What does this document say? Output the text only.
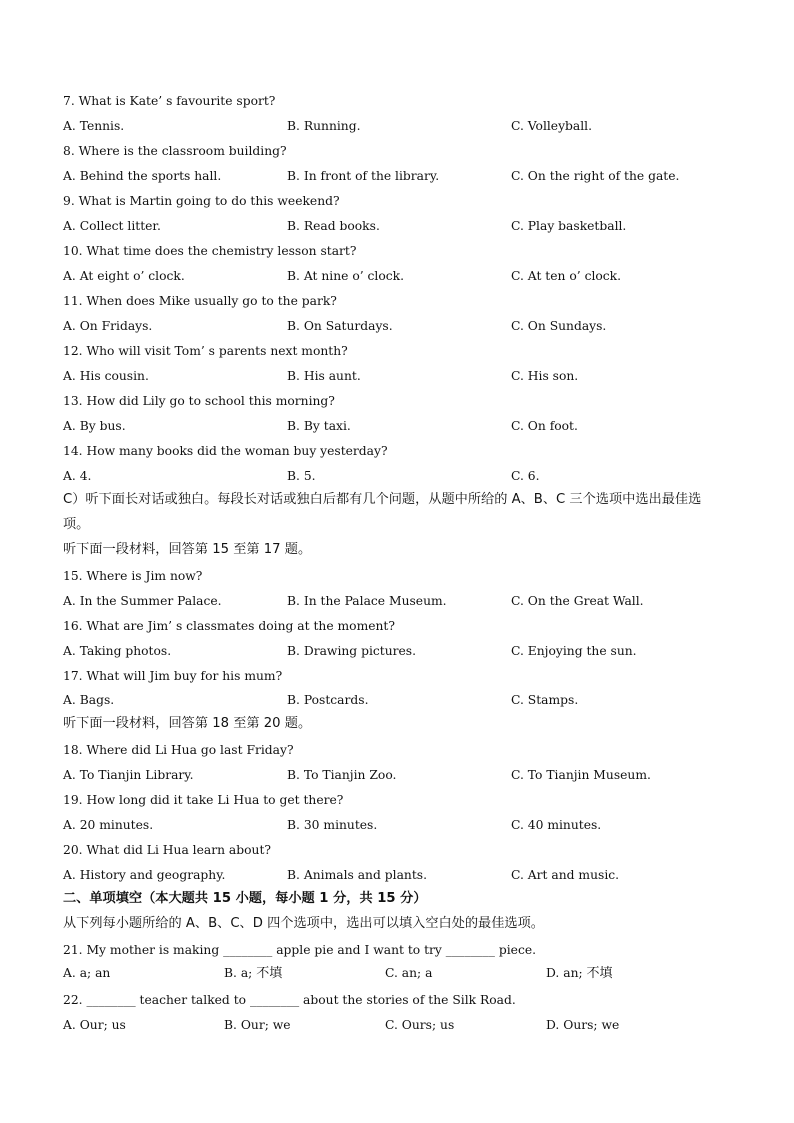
7. What is Kate’ s favourite sport?
A. Tennis.	B. Running.	C. Volleyball.
8. Where is the classroom building?
A. Behind the sports hall.	B. In front of the library.	C. On the right of the gate.
9. What is Martin going to do this weekend?
A. Collect litter.	B. Read books.	C. Play basketball.
10. What time does the chemistry lesson start?
A. At eight o’ clock.	B. At nine o’ clock.	C. At ten o’ clock.
11. When does Mike usually go to the park?
A. On Fridays.	B. On Saturdays.	C. On Sundays.
12. Who will visit Tom’ s parents next month?
A. His cousin.	B. His aunt.	C. His son.
13. How did Lily go to school this morning?
A. By bus.	B. By taxi.	C. On foot.
14. How many books did the woman buy yesterday?
A. 4.	B. 5.	C. 6.
C）听下面长对话或独白。每段长对话或独白后都有几个问题，从题中所给的 A、B、C 三个选项中选出最佳选
项。
听下面一段材料，回答第 15 至第 17 题。
15. Where is Jim now?
A. In the Summer Palace.	B. In the Palace Museum.	C. On the Great Wall.
16. What are Jim’ s classmates doing at the moment?
A. Taking photos.	B. Drawing pictures.	C. Enjoying the sun.
17. What will Jim buy for his mum?
A. Bags.	B. Postcards.	C. Stamps.
听下面一段材料，回答第 18 至第 20 题。
18. Where did Li Hua go last Friday?
A. To Tianjin Library.	B. To Tianjin Zoo.	C. To Tianjin Museum.
19. How long did it take Li Hua to get there?
A. 20 minutes.	B. 30 minutes.	C. 40 minutes.
20. What did Li Hua learn about?
A. History and geography.	B. Animals and plants.	C. Art and music.
二、单项填空（本大题共 15 小题，每小题 1 分，共 15 分）
从下列每小题所给的 A、B、C、D 四个选项中，选出可以填入空白处的最佳选项。
21. My mother is making ________ apple pie and I want to try ________ piece.
A. a; an	B. a; 不填	C. an; a	D. an; 不填
22. ________ teacher talked to ________ about the stories of the Silk Road.
A. Our; us	B. Our; we	C. Ours; us	D. Ours; we
